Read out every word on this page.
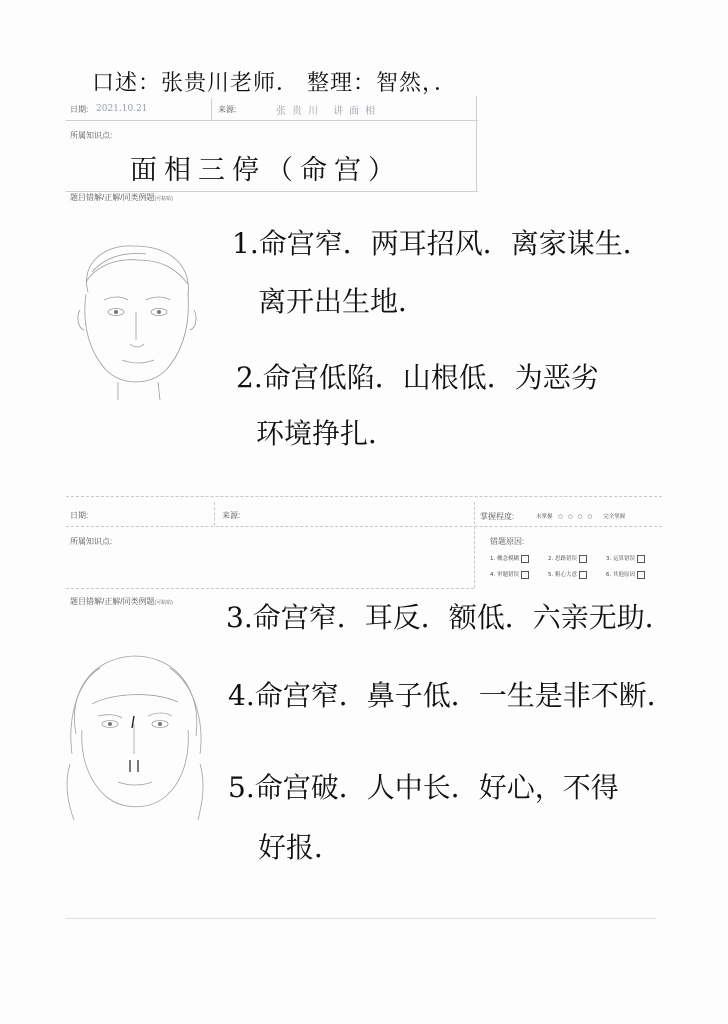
口述：张贵川老师． 整理：智然，．
日期: 2021.10.21	来源:	张贵川 讲面相
所属知识点:
面相三停（命宫）
题目错解/正解/同类例题(可粘贴)
1.命宫窄．两耳招风．离家谋生．
离开出生地．
2.命宫低陷．山根低．为恶劣
环境挣扎．
日期:	来源:	掌握程度:	未掌握 ○○○○ 完全掌握
所属知识点:	错题原因:
1. 概念模糊	2. 思路错误	3. 运算错误
4. 审题错误	5. 粗心大意	6. 其他原因
题目错解/正解/同类例题(可粘贴) 3.命宫窄．耳反．额低．六亲无助．
4.命宫窄．鼻子低．一生是非不断．
5.命宫破．人中长．好心，不得
好报．
